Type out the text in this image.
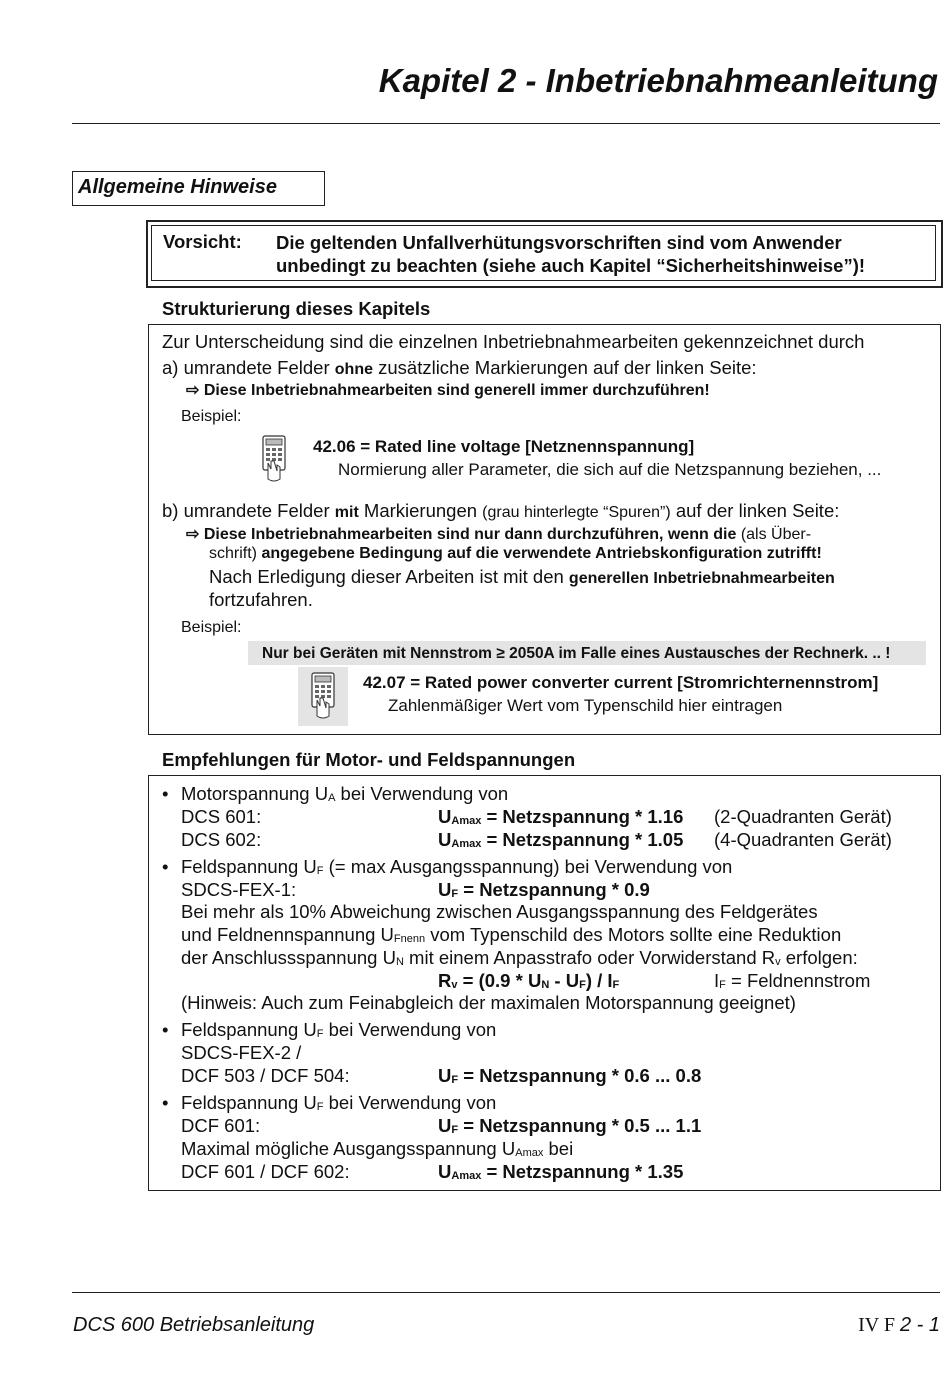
Kapitel 2 - Inbetriebnahmeanleitung
Allgemeine Hinweise
Vorsicht: Die geltenden Unfallverhütungsvorschriften sind vom Anwender
unbedingt zu beachten (siehe auch Kapitel “Sicherheitshinweise”)!
Strukturierung dieses Kapitels
Zur Unterscheidung sind die einzelnen Inbetriebnahmearbeiten gekennzeichnet durch
a) umrandete Felder ohne zusätzliche Markierungen auf der linken Seite:
⇨ Diese Inbetriebnahmearbeiten sind generell immer durchzuführen!
Beispiel:
42.06 = Rated line voltage [Netznennspannung]
Normierung aller Parameter, die sich auf die Netzspannung beziehen, ...
b) umrandete Felder mit Markierungen (grau hinterlegte “Spuren”) auf der linken Seite:
⇨ Diese Inbetriebnahmearbeiten sind nur dann durchzuführen, wenn die (als Über-
schrift) angegebene Bedingung auf die verwendete Antriebskonfiguration zutrifft!
Nach Erledigung dieser Arbeiten ist mit den generellen Inbetriebnahmearbeiten
fortzufahren.
Beispiel:
Nur bei Geräten mit Nennstrom ≥ 2050A im Falle eines Austausches der Rechnerk. .. !
42.07 = Rated power converter current [Stromrichternennstrom]
Zahlenmäßiger Wert vom Typenschild hier eintragen
Empfehlungen für Motor- und Feldspannungen
• Motorspannung $U_A$ bei Verwendung von
DCS 601:	$U_{Amax}$ = Netzspannung * 1.16 (2-Quadranten Gerät)
DCS 602:	$U_{Amax}$ = Netzspannung * 1.05 (4-Quadranten Gerät)
• Feldspannung $U_F$ (= max Ausgangsspannung) bei Verwendung von
SDCS-FEX-1:	$U_F$ = Netzspannung * 0.9
Bei mehr als 10% Abweichung zwischen Ausgangsspannung des Feldgerätes
und Feldnennspannung $U_{Fnenn}$ vom Typenschild des Motors sollte eine Reduktion
der Anschlussspannung $U_N$ mit einem Anpasstrafo oder Vorwiderstand $R_v$ erfolgen:
$R_v = (0.9 * U_N - U_F) / I_F$	$I_F$ = Feldnennstrom
(Hinweis: Auch zum Feinabgleich der maximalen Motorspannung geeignet)
• Feldspannung $U_F$ bei Verwendung von
SDCS-FEX-2 /
DCF 503 / DCF 504:	$U_F$ = Netzspannung * 0.6 ... 0.8
• Feldspannung $U_F$ bei Verwendung von
DCF 601:	$U_F$ = Netzspannung * 0.5 ... 1.1
Maximal mögliche Ausgangsspannung $U_{Amax}$ bei
DCF 601 / DCF 602:	$U_{Amax}$ = Netzspannung * 1.35
DCS 600 Betriebsanleitung	IV F 2 - 1
